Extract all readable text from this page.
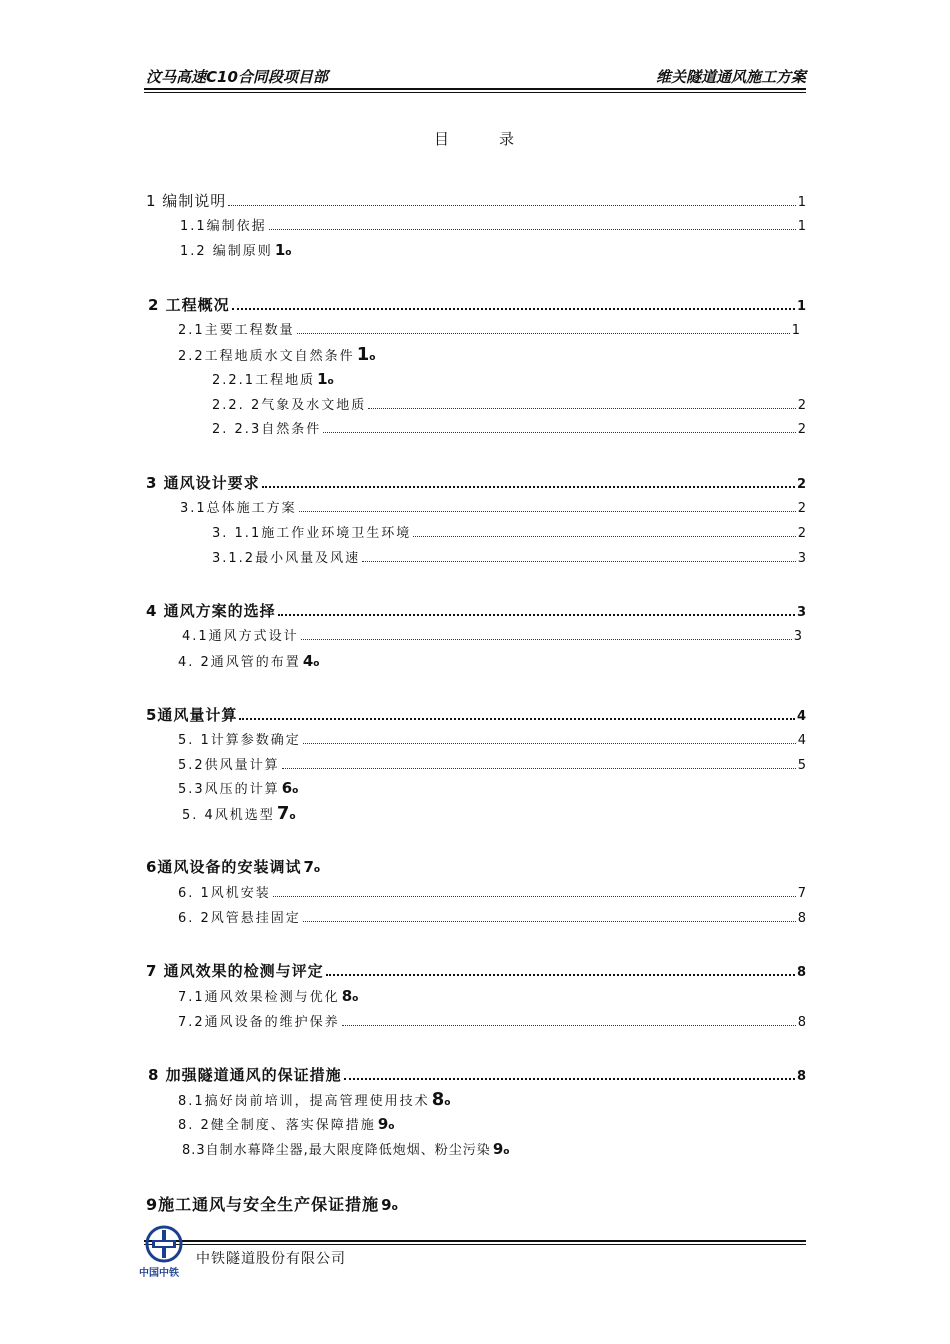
汶马高速C10合同段项目部	维关隧道通风施工方案
目	录
1 编制说明	1
1.1编制依据	1
1.2 编制原则 1o
2 工程概况	1
2.1主要工程数量	1
2.2工程地质水文自然条件 1o
2.2.1工程地质 1o
2.2. 2气象及水文地质	2
2. 2.3自然条件	2
3 通风设计要求	2
3.1总体施工方案	2
3. 1.1施工作业环境卫生环境	2
3.1.2最小风量及风速	3
4 通风方案的选择	3
4.1通风方式设计	3
4. 2通风管的布置 4o
5通风量计算	4
5. 1计算参数确定	4
5.2供风量计算	5
5.3风压的计算 6o
5. 4风机选型 7o
6通风设备的安装调试 7o
6. 1风机安装	7
6. 2风管悬挂固定	8
7 通风效果的检测与评定	8
7.1通风效果检测与优化 8o
7.2通风设备的维护保养	8
8 加强隧道通风的保证措施	8
8.1搞好岗前培训，提高管理使用技术 8o
8. 2健全制度、落实保障措施 9o
8.3自制水幕降尘器,最大限度降低炮烟、粉尘污染 9o
9施工通风与安全生产保证措施 9o
中国中铁
中铁隧道股份有限公司
